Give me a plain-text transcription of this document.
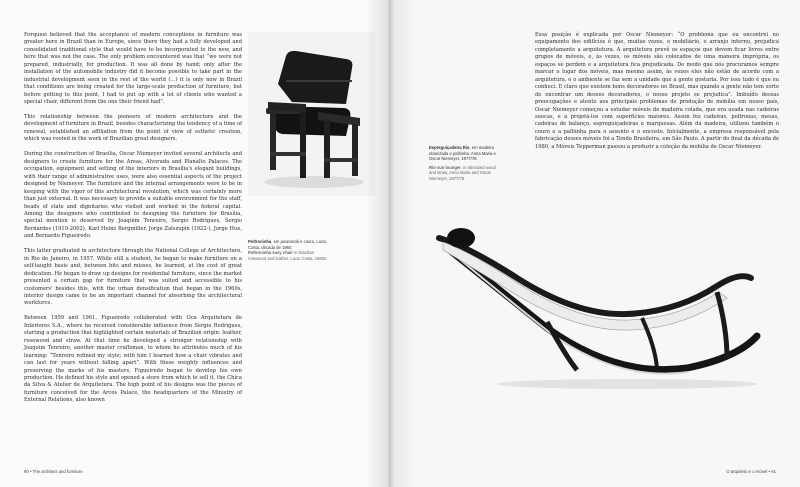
Forquesi believed that the acceptance of modern conceptions in furniture was greater here in Brazil than in Europe, since there they had a fully developed and consolidated traditional style that would have to be incorporated to the new, and here that was not the case. The only problem encountered was that “we were not prepared, industrially, for production. It was all done by hand; only after the installation of the automobile industry did it become possible to take part in the industrial development seen in the rest of the world (…) it is only now in Brazil that conditions are being created for the large-scale production of furniture, but before getting to this point, I had to put up with a lot of clients who wanted a special chair, different from the one their friend had”.

This relationship between the pioneers of modern architecture and the development of furniture in Brazil, besides characterizing the tendency of a time of renewal, established an affiliation from the point of view of esthetic creation, which was rooted in the work of Brazilian great designers.

During the construction of Brasília, Oscar Niemeyer invited several architects and designers to create furniture for the Areas, Alvorada and Planalto Palaces. The occupation, equipment and setting of the interiors in Brasília's elegant buildings, with their range of administrative uses, were also essential aspects of the project designed by Niemeyer. The furniture and the internal arrangements were to be in keeping with the vigor of this architectural revolution, which was certainly more than just external. It was necessary to provide a suitable environment for the staff, heads of state and dignitaries who visited and worked in the federal capital. Among the designers who contributed to designing the furniture for Brasília, special mention is deserved by Joaquim Tenreiro, Sergio Rodrigues, Sergio Bernardes (1919-2002), Karl Heinz Bergmiller, Jorge Zalszupin (1922-), Jorge Hue, and Bernardo Figueiredo.

This latter graduated in architecture through the National College of Architecture, in Rio de Janeiro, in 1957. While still a student, he began to make furniture on a self-taught basis and, between bits and misses, he learned, at the cost of great dedication. He began to draw up designs for residential furniture, since the market presented a certain gap for furniture that was suited and accessible to his customers' besides this, with the urban densification that began in the 1960s, interior design came to be an important channel for absorbing the architectural workforce.

Between 1959 and 1961, Figueiredo collaborated with Oca Arquitetura de Interiores S.A., where he received considerable influence from Sergio Rodrigues, starting a production that highlighted certain materials of Brazilian origin: leather, rosewood and straw. At that time he developed a stronger relationship with Joaquim Tenreiro, another master craftsman, to whom he attributes much of his learning: “Tenreiro refined my style; with him I learned how a chair vibrates and can last for years without falling apart”. With these weighty influences and preserving the marks of his masters, Figueiredo began to develop his own production. He defined his style and opened a store from which to sell it, the Chica da Silva & Atelier de Arquitetura. The high point of his designs was the pieces of furniture conceived for the Arcos Palace, the headquarters of the Ministry of External Relations, also known

Poltroninha, em jacarandá e couro, Lucio Costa, década de 1960.
Poltroninha easy chair in brazilian rosewood and leather, Lucio Costa, 1960s.
90 • The architect and furniture

Essa posição é explicada por Oscar Niemeyer: “O problema que eu encontrei no equipamento dos edifícios é que, muitas vezes, o mobiliário, o arranjo interno, prejudica completamente a arquitetura. A arquitetura prevê os espaços que devem ficar livres entre grupos de móveis, e, às vezes, os móveis são colocados de uma maneira imprópria, os espaços se perdem e a arquitetura fica prejudicada. De modo que nós procuramos sempre marcar o lugar dos móveis, mas mesmo assim, às vezes eles não estão de acordo com a arquitetura, e o ambiente se faz sem a unidade que a gente gostaria. Por isso tudo é que eu conheci. E claro que existem bons decoradores no Brasil, mas quando a gente não tem sorte de encontrar um desses decoradores, o nosso projeto se prejudica”. Imbuído dessas preocupações e atento aos principais problemas de produção de mobília em nosso país, Oscar Niemeyer começou a estudar móveis de madeira colada, que era usada nas cadeiras suecas, e a projetá-los com superfícies maiores. Assim fez cadeiras, poltronas, mesas, cadeiras de balanço, espreguiçadeiras e marquesas. Além da madeira, utilizou também o couro e a palhinha para o assento e o encosto. Inicialmente, a empresa responsável pela fabricação desses móveis foi a Tendo Brasileira, em São Paulo. A partir do final da década de 1980, a Móveis Tepperman passou a produzir a coleção da mobília de Oscar Niemeyer.

Espreguiçadeira Rio, em madeira ebanizada e palhinha, Anna Maria e Oscar Niemeyer, 1977/78.
Rio sun lounger, in ebonized wood and straw, Anna Maria and Oscar Niemeyer, 1977/78.
O arquiteto e o móvel • 91
